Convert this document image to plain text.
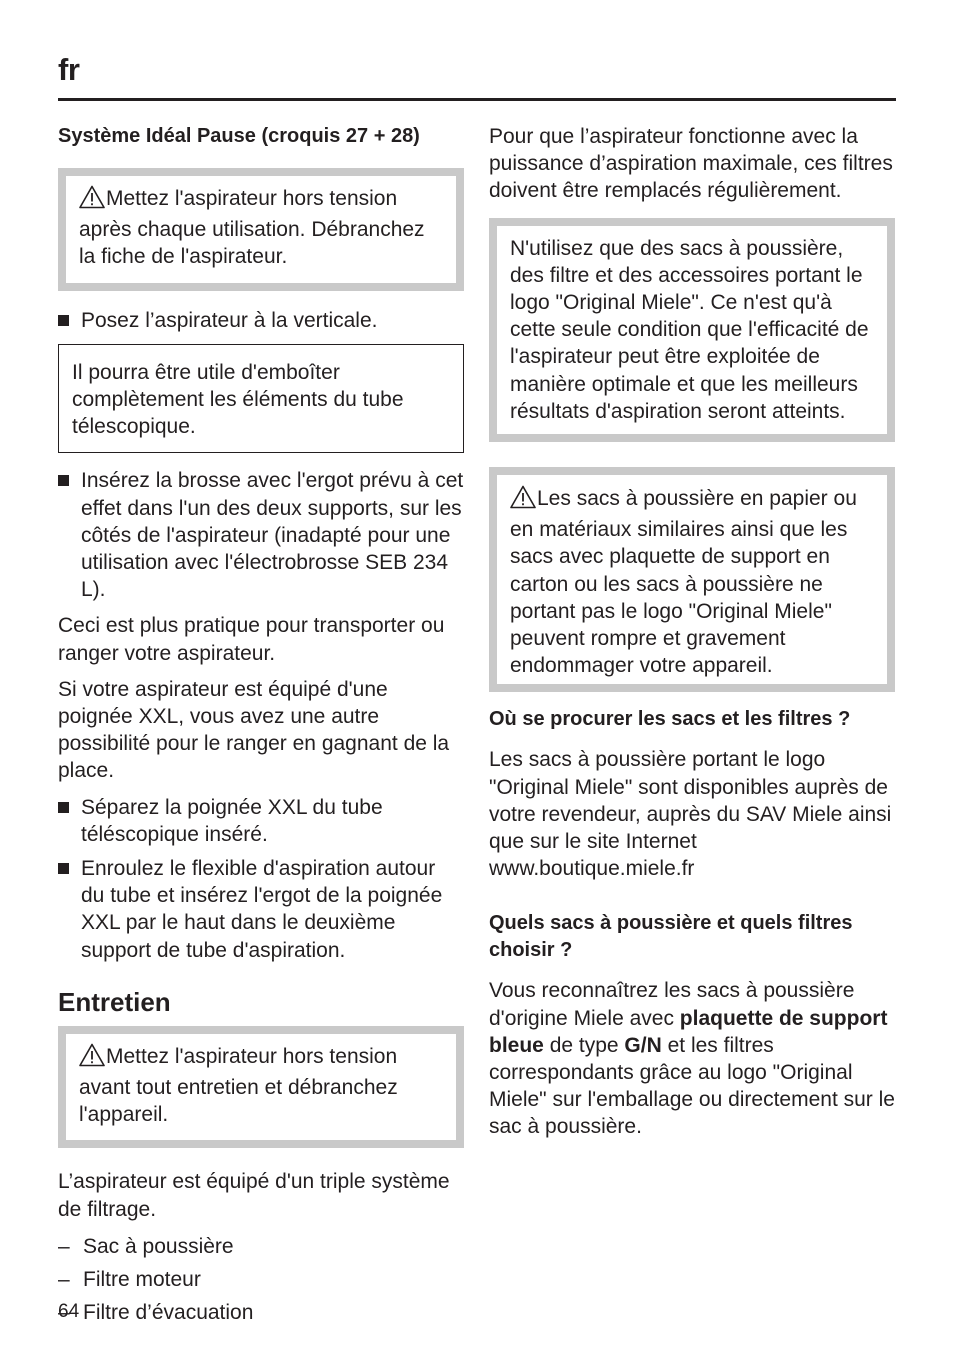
fr

Système Idéal Pause (croquis 27 + 28)

Mettez l'aspirateur hors tension après chaque utilisation. Débranchez la fiche de l'aspirateur.

Posez l’aspirateur à la verticale.

Il pourra être utile d'emboîter complètement les éléments du tube télescopique.

Insérez la brosse avec l'ergot prévu à cet effet dans l'un des deux supports, sur les côtés de l'aspirateur (inadapté pour une utilisation avec l'électrobrosse SEB 234 L).

Ceci est plus pratique pour transporter ou ranger votre aspirateur.

Si votre aspirateur est équipé d'une poignée XXL, vous avez une autre possibilité pour le ranger en gagnant de la place.

Séparez la poignée XXL du tube téléscopique inséré.

Enroulez le flexible d'aspiration autour du tube et insérez l'ergot de la poignée XXL par le haut dans le deuxième support de tube d'aspiration.

Entretien

Mettez l'aspirateur hors tension avant tout entretien et débranchez l'appareil.

L’aspirateur est équipé d'un triple système de filtrage.

– Sac à poussière

– Filtre moteur

– Filtre d’évacuation

Pour que l’aspirateur fonctionne avec la puissance d’aspiration maximale, ces filtres doivent être remplacés régulièrement.

N'utilisez que des sacs à poussière, des filtre et des accessoires portant le logo "Original Miele". Ce n'est qu'à cette seule condition que l'efficacité de l'aspirateur peut être exploitée de manière optimale et que les meilleurs résultats d'aspiration seront atteints.

Les sacs à poussière en papier ou en matériaux similaires ainsi que les sacs avec plaquette de support en carton ou les sacs à poussière ne portant pas le logo "Original Miele" peuvent rompre et gravement endommager votre appareil.

Où se procurer les sacs et les filtres ?

Les sacs à poussière portant le logo "Original Miele" sont disponibles auprès de votre revendeur, auprès du SAV Miele ainsi que sur le site Internet www.boutique.miele.fr

Quels sacs à poussière et quels filtres choisir ?

Vous reconnaîtrez les sacs à poussière d'origine Miele avec plaquette de support bleue de type G/N et les filtres correspondants grâce au logo "Original Miele" sur l'emballage ou directement sur le sac à poussière.

64
